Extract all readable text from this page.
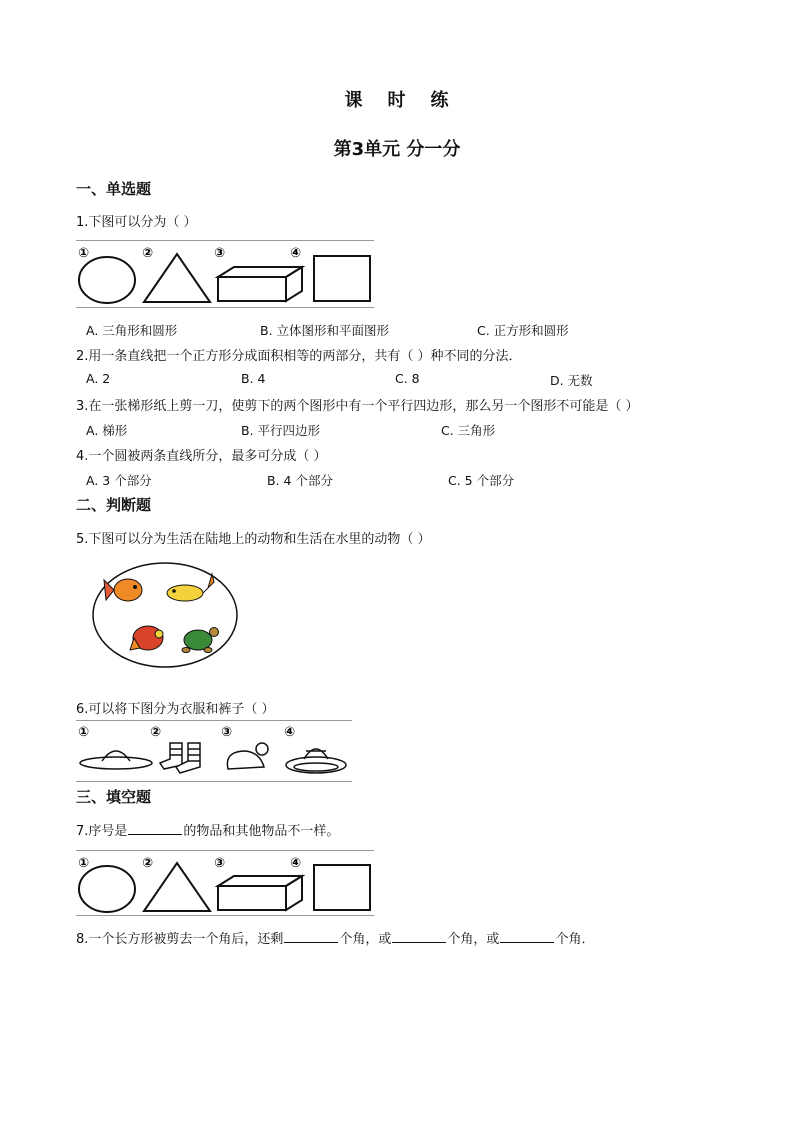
课 时 练
第3单元 分一分
一、单选题
1.下图可以分为（ ）
①	②	③	④
A. 三角形和圆形	B. 立体图形和平面图形	C. 正方形和圆形
2.用一条直线把一个正方形分成面积相等的两部分，共有（ ）种不同的分法．
A. 2	B. 4	C. 8	D. 无数
3.在一张梯形纸上剪一刀，使剪下的两个图形中有一个平行四边形，那么另一个图形不可能是（ ）
A. 梯形	B. 平行四边形	C. 三角形
4.一个圆被两条直线所分，最多可分成（ ）
A. 3 个部分	B. 4 个部分	C. 5 个部分
二、判断题
5.下图可以分为生活在陆地上的动物和生活在水里的动物（ ）
6.可以将下图分为衣服和裤子（ ）
①	②	③	④
三、填空题
7.序号是	的物品和其他物品不一样。
①	②	③	④
8.一个长方形被剪去一个角后，还剩	个角，或	个角，或	个角．
